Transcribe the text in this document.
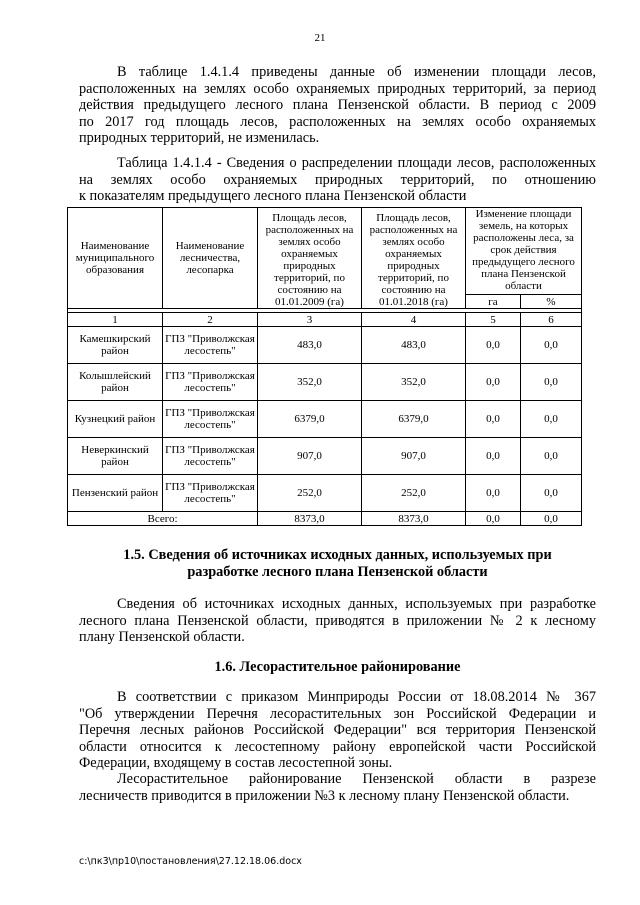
21
В таблице 1.4.1.4 приведены данные об изменении площади лесов,
расположенных на землях особо охраняемых природных территорий, за период
действия предыдущего лесного плана Пензенской области. В период с 2009
по 2017 год площадь лесов, расположенных на землях особо охраняемых
природных территорий, не изменилась.
Таблица 1.4.1.4 - Сведения о распределении площади лесов, расположенных
на землях особо охраняемых природных территорий, по отношению
к показателям предыдущего лесного плана Пензенской области
Наименование муниципального образования	Наименование лесничества, лесопарка	Площадь лесов, расположенных на землях особо охраняемых природных территорий, по состоянию на 01.01.2009 (га)	Площадь лесов, расположенных на землях особо охраняемых природных территорий, по состоянию на 01.01.2018 (га)	Изменение площади земель, на которых расположены леса, за срок действия предыдущего лесного плана Пензенской области	
				га	%

1	2	3	4	5	6
Камешкирский район	ГПЗ "Приволжская лесостепь"	483,0	483,0	0,0	0,0
Колышлейский район	ГПЗ "Приволжская лесостепь"	352,0	352,0	0,0	0,0
Кузнецкий район	ГПЗ "Приволжская лесостепь"	6379,0	6379,0	0,0	0,0
Неверкинский район	ГПЗ "Приволжская лесостепь"	907,0	907,0	0,0	0,0
Пензенский район	ГПЗ "Приволжская лесостепь"	252,0	252,0	0,0	0,0
Всего:		8373,0	8373,0	0,0	0,0
1.5. Сведения об источниках исходных данных, используемых при
разработке лесного плана Пензенской области
Сведения об источниках исходных данных, используемых при разработке
лесного плана Пензенской области, приводятся в приложении № 2 к лесному
плану Пензенской области.
1.6. Лесорастительное районирование
В соответствии с приказом Минприроды России от 18.08.2014 № 367
"Об утверждении Перечня лесорастительных зон Российской Федерации и
Перечня лесных районов Российской Федерации" вся территория Пензенской
области относится к лесостепному району европейской части Российской
Федерации, входящему в состав лесостепной зоны.
Лесорастительное районирование Пензенской области в разрезе
лесничеств приводится в приложении №3 к лесному плану Пензенской области.
c:\пк3\пр10\постановления\27.12.18.06.docx
